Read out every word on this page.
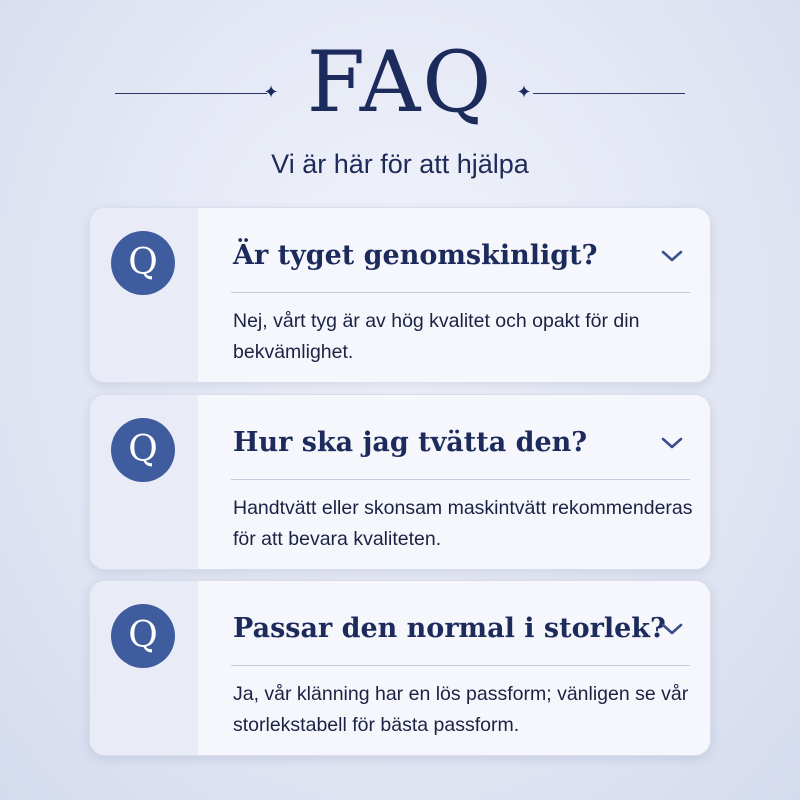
✦ FAQ	✦
Vi är här för att hjälpa
Q	Är tyget genomskinligt?
Nej, vårt tyg är av hög kvalitet och opakt för din bekvämlighet.
Q	Hur ska jag tvätta den?
Handtvätt eller skonsam maskintvätt rekommenderas för att bevara kvaliteten.
Q	Passar den normal i storlek?
Ja, vår klänning har en lös passform; vänligen se vår storlekstabell för bästa passform.
